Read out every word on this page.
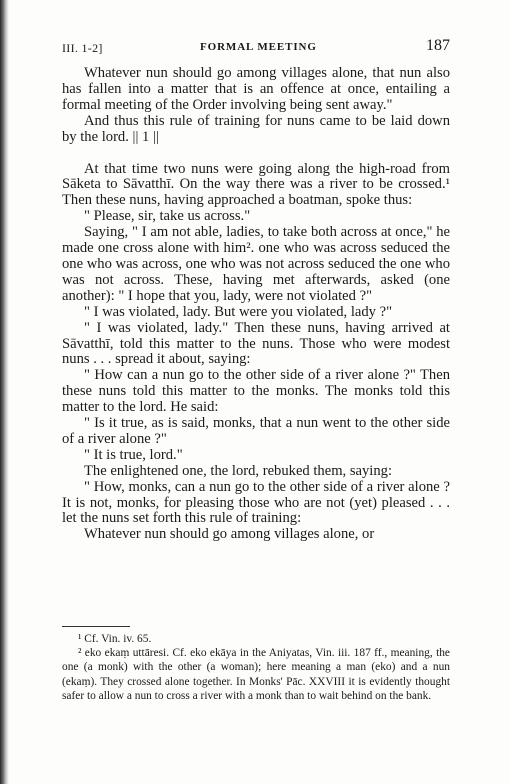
III. 1-2]	FORMAL MEETING	187

Whatever nun should go among villages alone, that nun also has fallen into a matter that is an offence at once, entailing a formal meeting of the Order involving being sent away."

And thus this rule of training for nuns came to be laid down by the lord. || 1 ||

At that time two nuns were going along the high-road from Sāketa to Sāvatthī. On the way there was a river to be crossed.¹ Then these nuns, having approached a boatman, spoke thus:

" Please, sir, take us across."

Saying, " I am not able, ladies, to take both across at once," he made one cross alone with him². one who was across seduced the one who was across, one who was not across seduced the one who was not across. These, having met afterwards, asked (one another): " I hope that you, lady, were not violated ?"

" I was violated, lady. But were you violated, lady ?"

" I was violated, lady." Then these nuns, having arrived at Sāvatthī, told this matter to the nuns. Those who were modest nuns . . . spread it about, saying:

" How can a nun go to the other side of a river alone ?" Then these nuns told this matter to the monks. The monks told this matter to the lord. He said:

" Is it true, as is said, monks, that a nun went to the other side of a river alone ?"

" It is true, lord."

The enlightened one, the lord, rebuked them, saying:

" How, monks, can a nun go to the other side of a river alone ? It is not, monks, for pleasing those who are not (yet) pleased . . . let the nuns set forth this rule of training:

Whatever nun should go among villages alone, or

¹ Cf. Vin. iv. 65.

² eko ekaṃ uttāresi. Cf. eko ekāya in the Aniyatas, Vin. iii. 187 ff., meaning, the one (a monk) with the other (a woman); here meaning a man (eko) and a nun (ekaṃ). They crossed alone together. In Monks' Pāc. XXVIII it is evidently thought safer to allow a nun to cross a river with a monk than to wait behind on the bank.
